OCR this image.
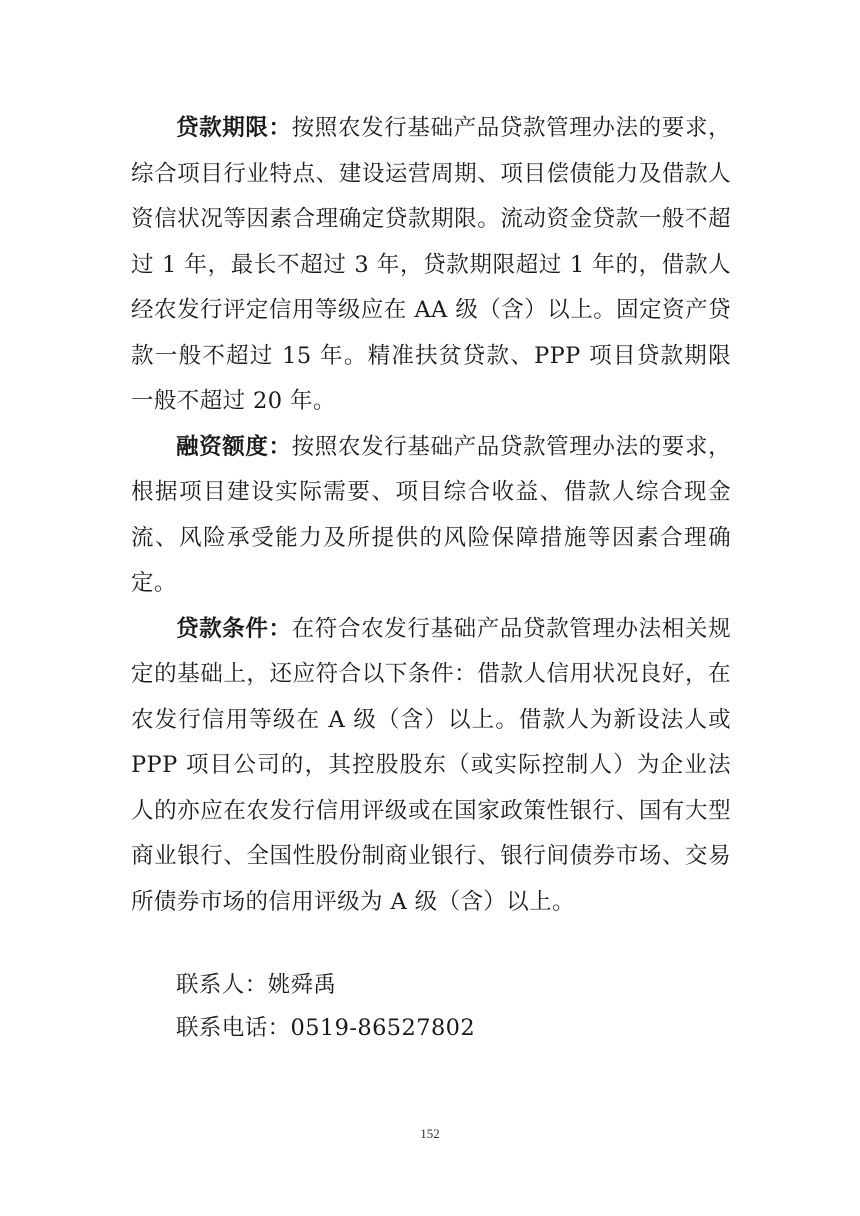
贷款期限：按照农发行基础产品贷款管理办法的要求，综合项目行业特点、建设运营周期、项目偿债能力及借款人资信状况等因素合理确定贷款期限。流动资金贷款一般不超过 1 年，最长不超过 3 年，贷款期限超过 1 年的，借款人经农发行评定信用等级应在 AA 级（含）以上。固定资产贷款一般不超过 15 年。精准扶贫贷款、PPP 项目贷款期限一般不超过 20 年。

融资额度：按照农发行基础产品贷款管理办法的要求，根据项目建设实际需要、项目综合收益、借款人综合现金流、风险承受能力及所提供的风险保障措施等因素合理确定。

贷款条件：在符合农发行基础产品贷款管理办法相关规定的基础上，还应符合以下条件：借款人信用状况良好，在农发行信用等级在 A 级（含）以上。借款人为新设法人或 PPP 项目公司的，其控股股东（或实际控制人）为企业法人的亦应在农发行信用评级或在国家政策性银行、国有大型商业银行、全国性股份制商业银行、银行间债券市场、交易所债券市场的信用评级为 A 级（含）以上。

联系人：姚舜禹
联系电话：0519-86527802
152
